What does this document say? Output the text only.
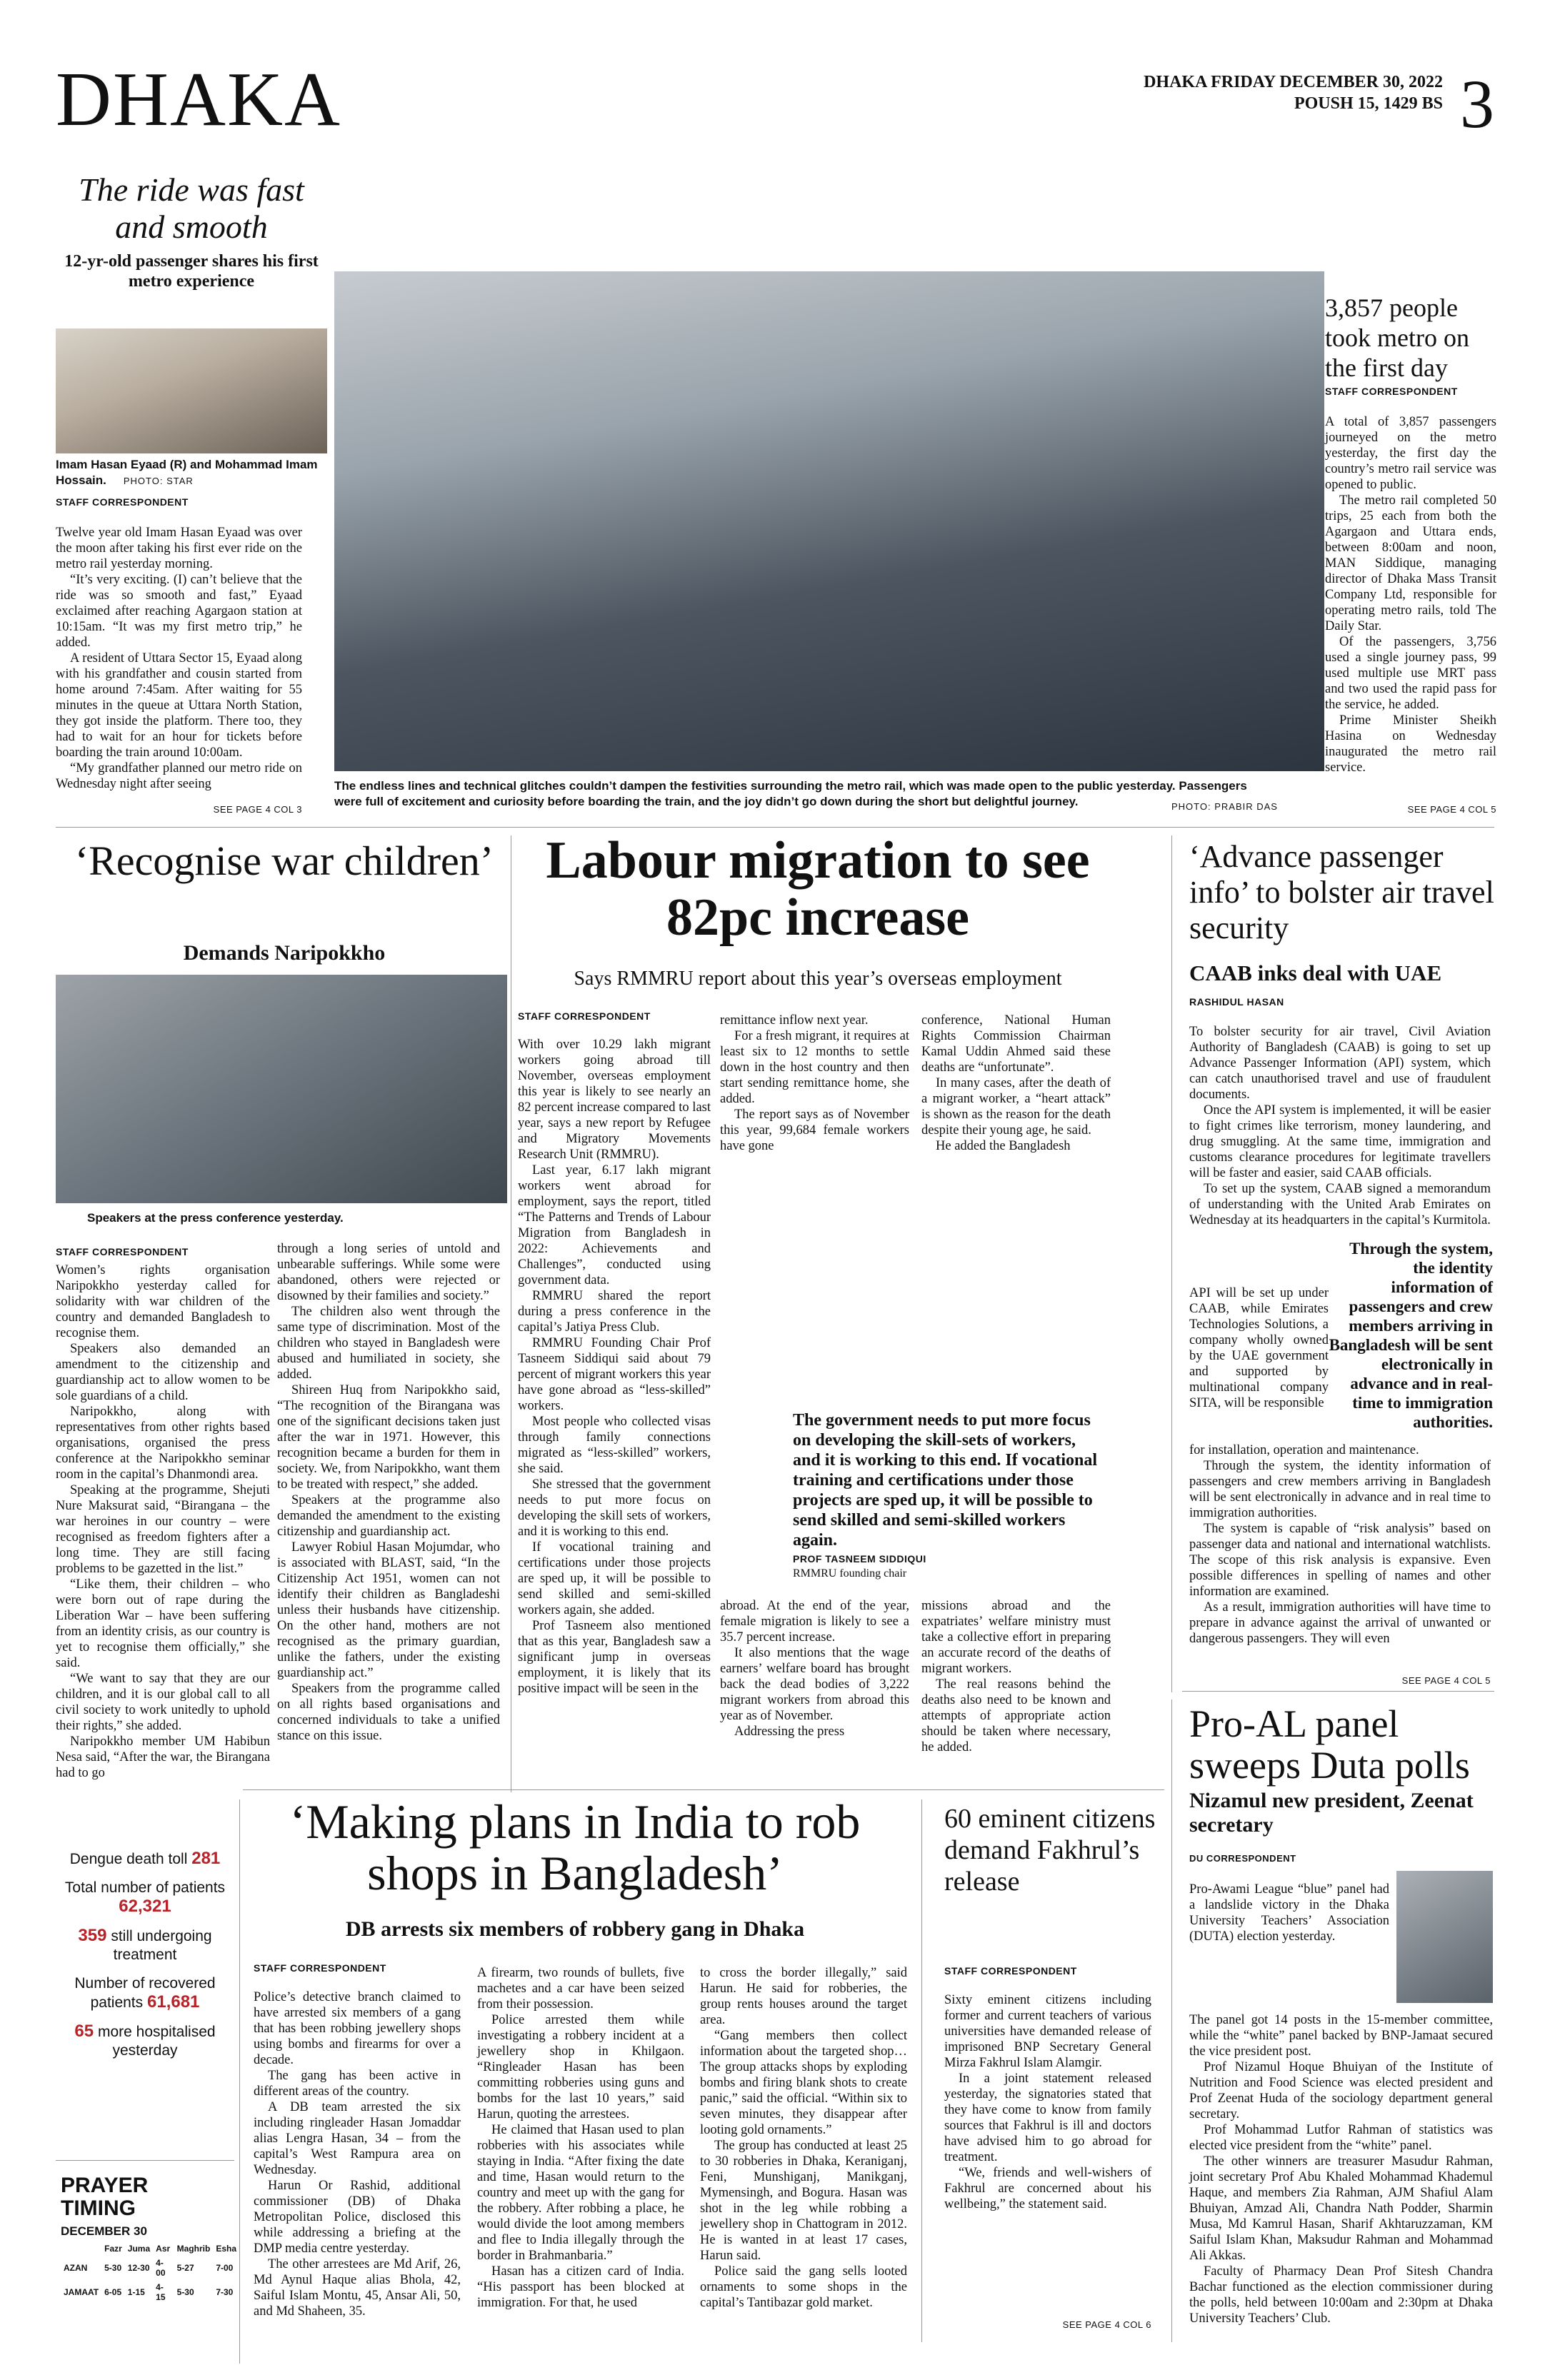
DHAKA	DHAKA FRIDAY DECEMBER 30, 2022
POUSH 15, 1429 BS 3
The ride was fast and smooth
12-yr-old passenger shares his first metro experience
Imam Hasan Eyaad (R) and Mohammad Imam Hossain. PHOTO: STAR
STAFF CORRESPONDENT

Twelve year old Imam Hasan Eyaad was over the moon after taking his first ever ride on the metro rail yesterday morning.

“It’s very exciting. (I) can’t believe that the ride was so smooth and fast,” Eyaad exclaimed after reaching Agargaon station at 10:15am. “It was my first metro trip,” he added.

A resident of Uttara Sector 15, Eyaad along with his grandfather and cousin started from home around 7:45am. After waiting for 55 minutes in the queue at Uttara North Station, they got inside the platform. There too, they had to wait for an hour for tickets before boarding the train around 10:00am.

“My grandfather planned our metro ride on Wednesday night after seeing

SEE PAGE 4 COL 3
The endless lines and technical glitches couldn’t dampen the festivities surrounding the metro rail, which was made open to the public yesterday. Passengers were full of excitement and curiosity before boarding the train, and the joy didn’t go down during the short but delightful journey.	PHOTO: PRABIR DAS
3,857 people took metro on the first day
STAFF CORRESPONDENT

A total of 3,857 passengers journeyed on the metro yesterday, the first day the country’s metro rail service was opened to public.

The metro rail completed 50 trips, 25 each from both the Agargaon and Uttara ends, between 8:00am and noon, MAN Siddique, managing director of Dhaka Mass Transit Company Ltd, responsible for operating metro rails, told The Daily Star.

Of the passengers, 3,756 used a single journey pass, 99 used multiple use MRT pass and two used the rapid pass for the service, he added.

Prime Minister Sheikh Hasina on Wednesday inaugurated the metro rail service.

SEE PAGE 4 COL 5
‘Recognise war children’
Demands Naripokkho
Speakers at the press conference yesterday.
STAFF CORRESPONDENT

Women’s rights organisation Naripokkho yesterday called for solidarity with war children of the country and demanded Bangladesh to recognise them.

Speakers also demanded an amendment to the citizenship and guardianship act to allow women to be sole guardians of a child.

Naripokkho, along with representatives from other rights based organisations, organised the press conference at the Naripokkho seminar room in the capital’s Dhanmondi area.

Speaking at the programme, Shejuti Nure Maksurat said, “Birangana – the war heroines in our country – were recognised as freedom fighters after a long time. They are still facing problems to be gazetted in the list.”

“Like them, their children – who were born out of rape during the Liberation War – have been suffering from an identity crisis, as our country is yet to recognise them officially,” she said.

“We want to say that they are our children, and it is our global call to all civil society to work unitedly to uphold their rights,” she added.

Naripokkho member UM Habibun Nesa said, “After the war, the Birangana had to go

through a long series of untold and unbearable sufferings. While some were abandoned, others were rejected or disowned by their families and society.”

The children also went through the same type of discrimination. Most of the children who stayed in Bangladesh were abused and humiliated in society, she added.

Shireen Huq from Naripokkho said, “The recognition of the Birangana was one of the significant decisions taken just after the war in 1971. However, this recognition became a burden for them in society. We, from Naripokkho, want them to be treated with respect,” she added.

Speakers at the programme also demanded the amendment to the existing citizenship and guardianship act.

Lawyer Robiul Hasan Mojumdar, who is associated with BLAST, said, “In the Citizenship Act 1951, women can not identify their children as Bangladeshi unless their husbands have citizenship. On the other hand, mothers are not recognised as the primary guardian, unlike the fathers, under the existing guardianship act.”

Speakers from the programme called on all rights based organisations and concerned individuals to take a unified stance on this issue.

Labour migration to see 82pc increase
Says RMMRU report about this year’s overseas employment
STAFF CORRESPONDENT

With over 10.29 lakh migrant workers going abroad till November, overseas employment this year is likely to see nearly an 82 percent increase compared to last year, says a new report by Refugee and Migratory Movements Research Unit (RMMRU).

Last year, 6.17 lakh migrant workers went abroad for employment, says the report, titled “The Patterns and Trends of Labour Migration from Bangladesh in 2022: Achievements and Challenges”, conducted using government data.

RMMRU shared the report during a press conference in the capital’s Jatiya Press Club.

RMMRU Founding Chair Prof Tasneem Siddiqui said about 79 percent of migrant workers this year have gone abroad as “less-skilled” workers.

Most people who collected visas through family connections migrated as “less-skilled” workers, she said.

She stressed that the government needs to put more focus on developing the skill sets of workers, and it is working to this end.

If vocational training and certifications under those projects are sped up, it will be possible to send skilled and semi-skilled workers again, she added.

Prof Tasneem also mentioned that as this year, Bangladesh saw a significant jump in overseas employment, it is likely that its positive impact will be seen in the

remittance inflow next year.

For a fresh migrant, it requires at least six to 12 months to settle down in the host country and then start sending remittance home, she added.

The report says as of November this year, 99,684 female workers have gone

conference, National Human Rights Commission Chairman Kamal Uddin Ahmed said these deaths are “unfortunate”.

In many cases, after the death of a migrant worker, a “heart attack” is shown as the reason for the death despite their young age, he said.

He added the Bangladesh

The government needs to put more focus on developing the skill-sets of workers, and it is working to this end. If vocational training and certifications under those projects are sped up, it will be possible to send skilled and semi-skilled workers again.
PROF TASNEEM SIDDIQUI
RMMRU founding chair

abroad. At the end of the year, female migration is likely to see a 35.7 percent increase.

It also mentions that the wage earners’ welfare board has brought back the dead bodies of 3,222 migrant workers from abroad this year as of November.

Addressing the press

missions abroad and the expatriates’ welfare ministry must take a collective effort in preparing an accurate record of the deaths of migrant workers.

The real reasons behind the deaths also need to be known and attempts of appropriate action should be taken where necessary, he added.

‘Advance passenger info’ to bolster air travel security
CAAB inks deal with UAE
RASHIDUL HASAN

To bolster security for air travel, Civil Aviation Authority of Bangladesh (CAAB) is going to set up Advance Passenger Information (API) system, which can catch unauthorised travel and use of fraudulent documents.

Once the API system is implemented, it will be easier to fight crimes like terrorism, money laundering, and drug smuggling. At the same time, immigration and customs clearance procedures for legitimate travellers will be faster and easier, said CAAB officials.

To set up the system, CAAB signed a memorandum of understanding with the United Arab Emirates on Wednesday at its headquarters in the capital’s Kurmitola.

API will be set up under CAAB, while Emirates Technologies Solutions, a company wholly owned by the UAE government and supported by multinational company SITA, will be responsible

Through the system, the identity information of passengers and crew members arriving in Bangladesh will be sent electronically in advance and in real-time to immigration authorities.

for installation, operation and maintenance.

Through the system, the identity information of passengers and crew members arriving in Bangladesh will be sent electronically in advance and in real time to immigration authorities.

The system is capable of “risk analysis” based on passenger data and national and international watchlists. The scope of this risk analysis is expansive. Even possible differences in spelling of names and other information are examined.

As a result, immigration authorities will have time to prepare in advance against the arrival of unwanted or dangerous passengers. They will even

SEE PAGE 4 COL 5
Pro-AL panel sweeps Duta polls
Nizamul new president, Zeenat secretary
DU CORRESPONDENT

Pro-Awami League “blue” panel had a landslide victory in the Dhaka University Teachers’ Association (DUTA) election yesterday.

The panel got 14 posts in the 15-member committee, while the “white” panel backed by BNP-Jamaat secured the vice president post.

Prof Nizamul Hoque Bhuiyan of the Institute of Nutrition and Food Science was elected president and Prof Zeenat Huda of the sociology department general secretary.

Prof Mohammad Lutfor Rahman of statistics was elected vice president from the “white” panel.

The other winners are treasurer Masudur Rahman, joint secretary Prof Abu Khaled Mohammad Khademul Haque, and members Zia Rahman, AJM Shafiul Alam Bhuiyan, Amzad Ali, Chandra Nath Podder, Sharmin Musa, Md Kamrul Hasan, Sharif Akhtaruzzaman, KM Saiful Islam Khan, Maksudur Rahman and Mohammad Ali Akkas.

Faculty of Pharmacy Dean Prof Sitesh Chandra Bachar functioned as the election commissioner during the polls, held between 10:00am and 2:30pm at Dhaka University Teachers’ Club.

‘Making plans in India to rob shops in Bangladesh’
DB arrests six members of robbery gang in Dhaka
STAFF CORRESPONDENT

Police’s detective branch claimed to have arrested six members of a gang that has been robbing jewellery shops using bombs and firearms for over a decade.

The gang has been active in different areas of the country.

A DB team arrested the six including ringleader Hasan Jomaddar alias Lengra Hasan, 34 – from the capital’s West Rampura area on Wednesday.

Harun Or Rashid, additional commissioner (DB) of Dhaka Metropolitan Police, disclosed this while addressing a briefing at the DMP media centre yesterday.

The other arrestees are Md Arif, 26, Md Aynul Haque alias Bhola, 42, Saiful Islam Montu, 45, Ansar Ali, 50, and Md Shaheen, 35.

A firearm, two rounds of bullets, five machetes and a car have been seized from their possession.

Police arrested them while investigating a robbery incident at a jewellery shop in Khilgaon. “Ringleader Hasan has been committing robberies using guns and bombs for the last 10 years,” said Harun, quoting the arrestees.

He claimed that Hasan used to plan robberies with his associates while staying in India. “After fixing the date and time, Hasan would return to the country and meet up with the gang for the robbery. After robbing a place, he would divide the loot among members and flee to India illegally through the border in Brahmanbaria.”

Hasan has a citizen card of India. “His passport has been blocked at immigration. For that, he used

to cross the border illegally,” said Harun. He said for robberies, the group rents houses around the target area.

“Gang members then collect information about the targeted shop… The group attacks shops by exploding bombs and firing blank shots to create panic,” said the official. “Within six to seven minutes, they disappear after looting gold ornaments.”

The group has conducted at least 25 to 30 robberies in Dhaka, Keraniganj, Feni, Munshiganj, Manikganj, Mymensingh, and Bogura. Hasan was shot in the leg while robbing a jewellery shop in Chattogram in 2012. He is wanted in at least 17 cases, Harun said.

Police said the gang sells looted ornaments to some shops in the capital’s Tantibazar gold market.

60 eminent citizens demand Fakhrul’s release
STAFF CORRESPONDENT

Sixty eminent citizens including former and current teachers of various universities have demanded release of imprisoned BNP Secretary General Mirza Fakhrul Islam Alamgir.

In a joint statement released yesterday, the signatories stated that they have come to know from family sources that Fakhrul is ill and doctors have advised him to go abroad for treatment.

“We, friends and well-wishers of Fakhrul are concerned about his wellbeing,” the statement said.

SEE PAGE 4 COL 6
Dengue death toll 281
Total number of patients 62,321
359 still undergoing treatment
Number of recovered patients 61,681
65 more hospitalised yesterday
PRAYER
TIMING
DECEMBER 30
	Fazr	Juma	Asr	Maghrib	Esha
AZAN	5-30	12-30	4-00	5-27	7-00
JAMAAT	6-05	1-15	4-15	5-30	7-30
